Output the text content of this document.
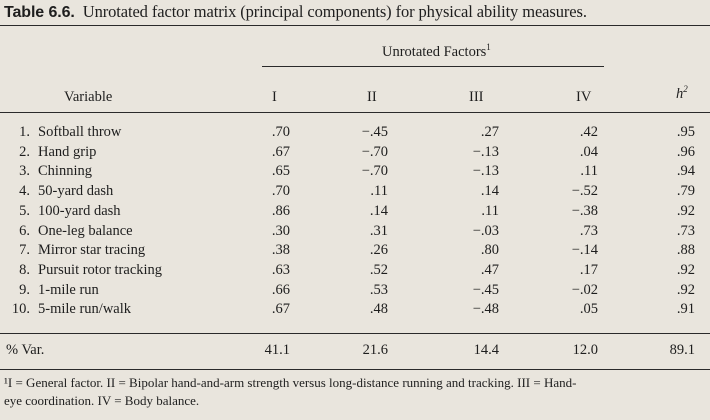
Table 6.6. Unrotated factor matrix (principal components) for physical ability measures.
Unrotated Factors$^1$
Variable	I	II	III	IV	$h^2$
1. Softball throw	.70	−.45	.27	.42	.95
2. Hand grip	.67	−.70	−.13	.04	.96
3. Chinning	.65	−.70	−.13	.11	.94
4. 50-yard dash	.70	.11	.14	−.52	.79
5. 100-yard dash	.86	.14	.11	−.38	.92
6. One-leg balance	.30	.31	−.03	.73	.73
7. Mirror star tracing	.38	.26	.80	−.14	.88
8. Pursuit rotor tracking	.63	.52	.47	.17	.92
9. 1-mile run	.66	.53	−.45	−.02	.92
10. 5-mile run/walk	.67	.48	−.48	.05	.91
% Var.	41.1	21.6	14.4	12.0	89.1
¹I = General factor. II = Bipolar hand-and-arm strength versus long-distance running and tracking. III = Hand-
eye coordination. IV = Body balance.
